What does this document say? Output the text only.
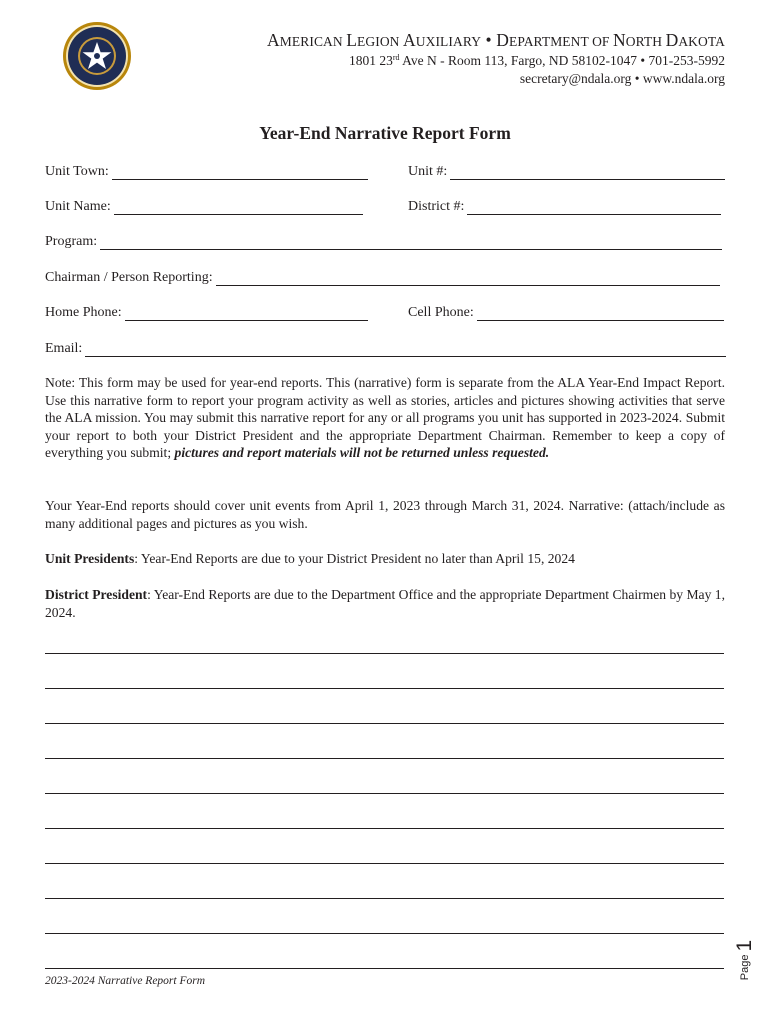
AMERICAN LEGION AUXILIARY • DEPARTMENT OF NORTH DAKOTA
1801 23rd Ave N - Room 113, Fargo, ND 58102-1047 • 701-253-5992
secretary@ndala.org • www.ndala.org
Year-End Narrative Report Form
Unit Town:	Unit #:
Unit Name:	District #:
Program:
Chairman / Person Reporting:
Home Phone:	Cell Phone:
Email:
Note: This form may be used for year-end reports. This (narrative) form is separate from the ALA Year-End Impact Report. Use this narrative form to report your program activity as well as stories, articles and pictures showing activities that serve the ALA mission. You may submit this narrative report for any or all programs you unit has supported in 2023-2024. Submit your report to both your District President and the appropriate Department Chairman. Remember to keep a copy of everything you submit; pictures and report materials will not be returned unless requested.
Your Year-End reports should cover unit events from April 1, 2023 through March 31, 2024. Narrative: (attach/include as many additional pages and pictures as you wish.
Unit Presidents: Year-End Reports are due to your District President no later than April 15, 2024
District President: Year-End Reports are due to the Department Office and the appropriate Department Chairmen by May 1, 2024.
2023-2024 Narrative Report Form
Page
1
